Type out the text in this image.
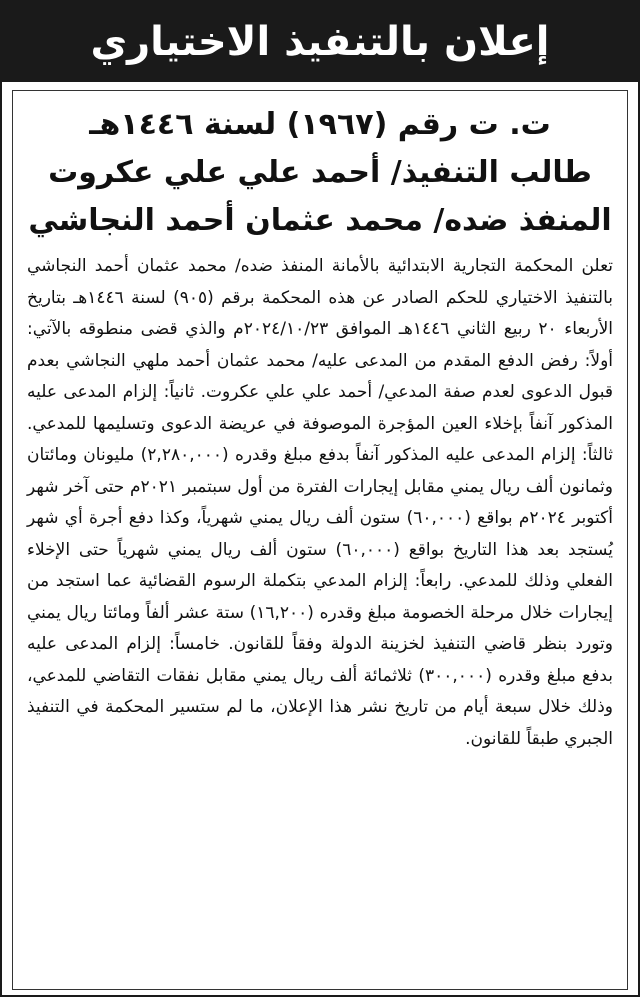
إعلان بالتنفيذ الاختياري
ت. ت رقم (١٩٦٧) لسنة ١٤٤٦هـ
طالب التنفيذ/ أحمد علي علي عكروت
المنفذ ضده/ محمد عثمان أحمد النجاشي
تعلن المحكمة التجارية الابتدائية بالأمانة المنفذ ضده/ محمد عثمان أحمد النجاشي بالتنفيذ الاختياري للحكم الصادر عن هذه المحكمة برقم (٩٠٥) لسنة ١٤٤٦هـ بتاريخ الأربعاء ٢٠ ربيع الثاني ١٤٤٦هـ الموافق ٢٠٢٤/١٠/٢٣م والذي قضى منطوقه بالآتي: أولاً: رفض الدفع المقدم من المدعى عليه/ محمد عثمان أحمد ملهي النجاشي بعدم قبول الدعوى لعدم صفة المدعي/ أحمد علي علي عكروت. ثانياً: إلزام المدعى عليه المذكور آنفاً بإخلاء العين المؤجرة الموصوفة في عريضة الدعوى وتسليمها للمدعي. ثالثاً: إلزام المدعى عليه المذكور آنفاً بدفع مبلغ وقدره (٢,٢٨٠,٠٠٠) مليونان ومائتان وثمانون ألف ريال يمني مقابل إيجارات الفترة من أول سبتمبر ٢٠٢١م حتى آخر شهر أكتوبر ٢٠٢٤م بواقع (٦٠,٠٠٠) ستون ألف ريال يمني شهرياً، وكذا دفع أجرة أي شهر يُستجد بعد هذا التاريخ بواقع (٦٠,٠٠٠) ستون ألف ريال يمني شهرياً حتى الإخلاء الفعلي وذلك للمدعي. رابعاً: إلزام المدعي بتكملة الرسوم القضائية عما استجد من إيجارات خلال مرحلة الخصومة مبلغ وقدره (١٦,٢٠٠) ستة عشر ألفاً ومائتا ريال يمني وتورد بنظر قاضي التنفيذ لخزينة الدولة وفقاً للقانون. خامساً: إلزام المدعى عليه بدفع مبلغ وقدره (٣٠٠,٠٠٠) ثلاثمائة ألف ريال يمني مقابل نفقات التقاضي للمدعي، وذلك خلال سبعة أيام من تاريخ نشر هذا الإعلان، ما لم ستسير المحكمة في التنفيذ الجبري طبقاً للقانون.
